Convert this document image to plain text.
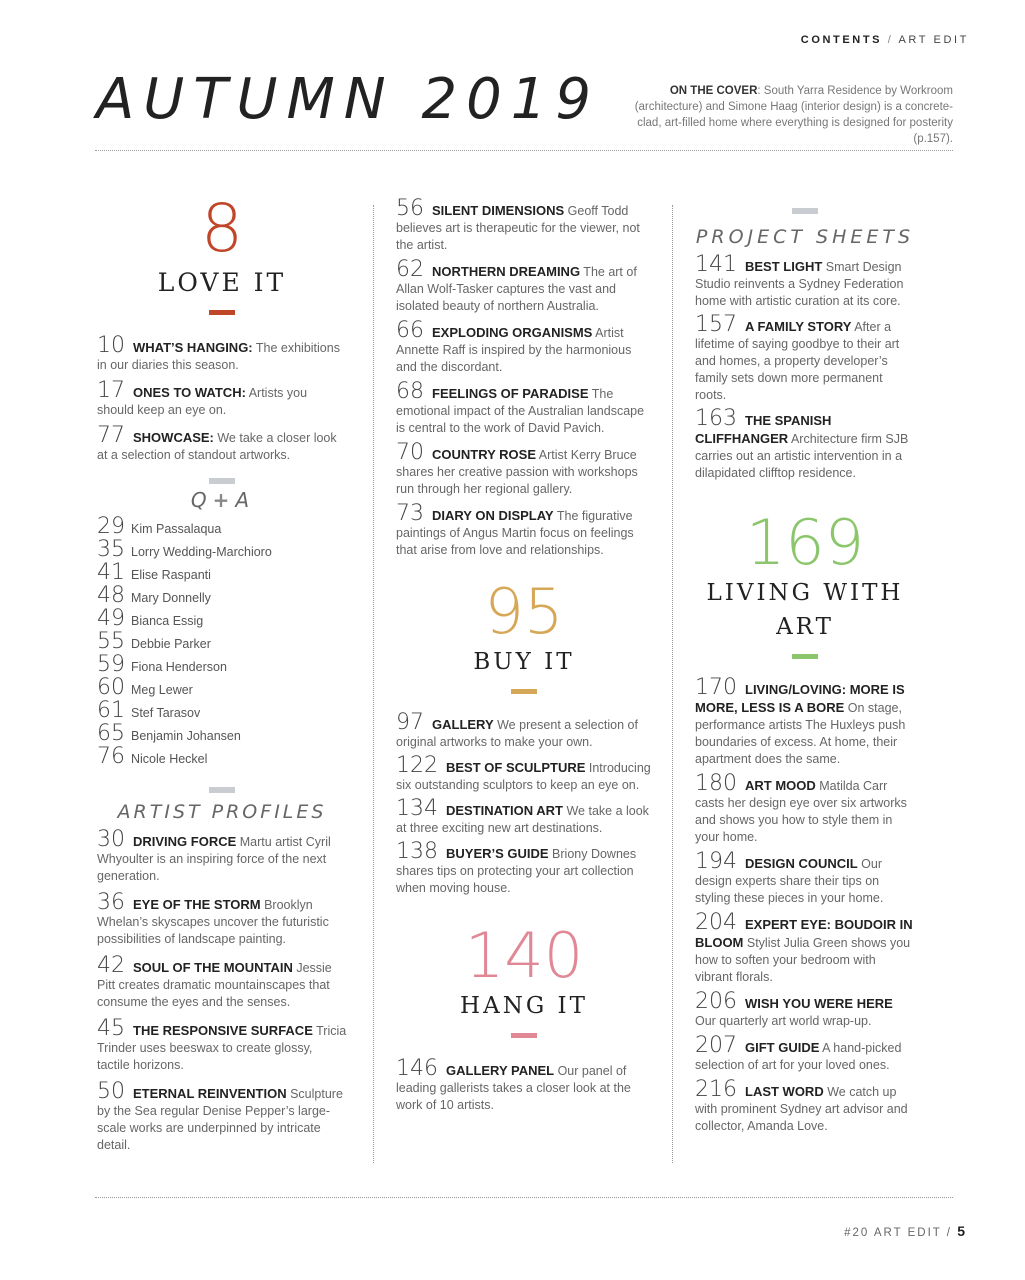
CONTENTS / ART EDIT
AUTUMN 2019	ON THE COVER: South Yarra Residence by Workroom (architecture) and Simone Haag (interior design) is a concrete-clad, art-filled home where everything is designed for posterity (p.157).
8
LOVE IT
10 WHAT’S HANGING: The exhibitions in our diaries this season.
17 ONES TO WATCH: Artists you should keep an eye on.
77 SHOWCASE: We take a closer look at a selection of standout artworks.
Q + A
29 Kim Passalaqua
35 Lorry Wedding-Marchioro
41 Elise Raspanti
48 Mary Donnelly
49 Bianca Essig
55 Debbie Parker
59 Fiona Henderson
60 Meg Lewer
61 Stef Tarasov
65 Benjamin Johansen
76 Nicole Heckel
ARTIST PROFILES
30 DRIVING FORCE Martu artist Cyril Whyoulter is an inspiring force of the next generation.
36 EYE OF THE STORM Brooklyn Whelan’s skyscapes uncover the futuristic possibilities of landscape painting.
42 SOUL OF THE MOUNTAIN Jessie Pitt creates dramatic mountainscapes that consume the eyes and the senses.
45 THE RESPONSIVE SURFACE Tricia Trinder uses beeswax to create glossy, tactile horizons.
50 ETERNAL REINVENTION Sculpture by the Sea regular Denise Pepper’s large-scale works are underpinned by intricate detail.
56 SILENT DIMENSIONS Geoff Todd believes art is therapeutic for the viewer, not the artist.
62 NORTHERN DREAMING The art of Allan Wolf-Tasker captures the vast and isolated beauty of northern Australia.
66 EXPLODING ORGANISMS Artist Annette Raff is inspired by the harmonious and the discordant.
68 FEELINGS OF PARADISE The emotional impact of the Australian landscape is central to the work of David Pavich.
70 COUNTRY ROSE Artist Kerry Bruce shares her creative passion with workshops run through her regional gallery.
73 DIARY ON DISPLAY The figurative paintings of Angus Martin focus on feelings that arise from love and relationships.
95
BUY IT
97 GALLERY We present a selection of original artworks to make your own.
122 BEST OF SCULPTURE Introducing six outstanding sculptors to keep an eye on.
134 DESTINATION ART We take a look at three exciting new art destinations.
138 BUYER’S GUIDE Briony Downes shares tips on protecting your art collection when moving house.
140
HANG IT
146 GALLERY PANEL Our panel of leading gallerists takes a closer look at the work of 10 artists.
PROJECT SHEETS
141 BEST LIGHT Smart Design Studio reinvents a Sydney Federation home with artistic curation at its core.
157 A FAMILY STORY After a lifetime of saying goodbye to their art and homes, a property developer’s family sets down more permanent roots.
163 THE SPANISH CLIFFHANGER Architecture firm SJB carries out an artistic intervention in a dilapidated clifftop residence.
169
LIVING WITH
ART
170 LIVING/LOVING: MORE IS MORE, LESS IS A BORE On stage, performance artists The Huxleys push boundaries of excess. At home, their apartment does the same.
180 ART MOOD Matilda Carr casts her design eye over six artworks and shows you how to style them in your home.
194 DESIGN COUNCIL Our design experts share their tips on styling these pieces in your home.
204 EXPERT EYE: BOUDOIR IN BLOOM Stylist Julia Green shows you how to soften your bedroom with vibrant florals.
206 WISH YOU WERE HERE Our quarterly art world wrap-up.
207 GIFT GUIDE A hand-picked selection of art for your loved ones.
216 LAST WORD We catch up with prominent Sydney art advisor and collector, Amanda Love.
#20 ART EDIT / 5
